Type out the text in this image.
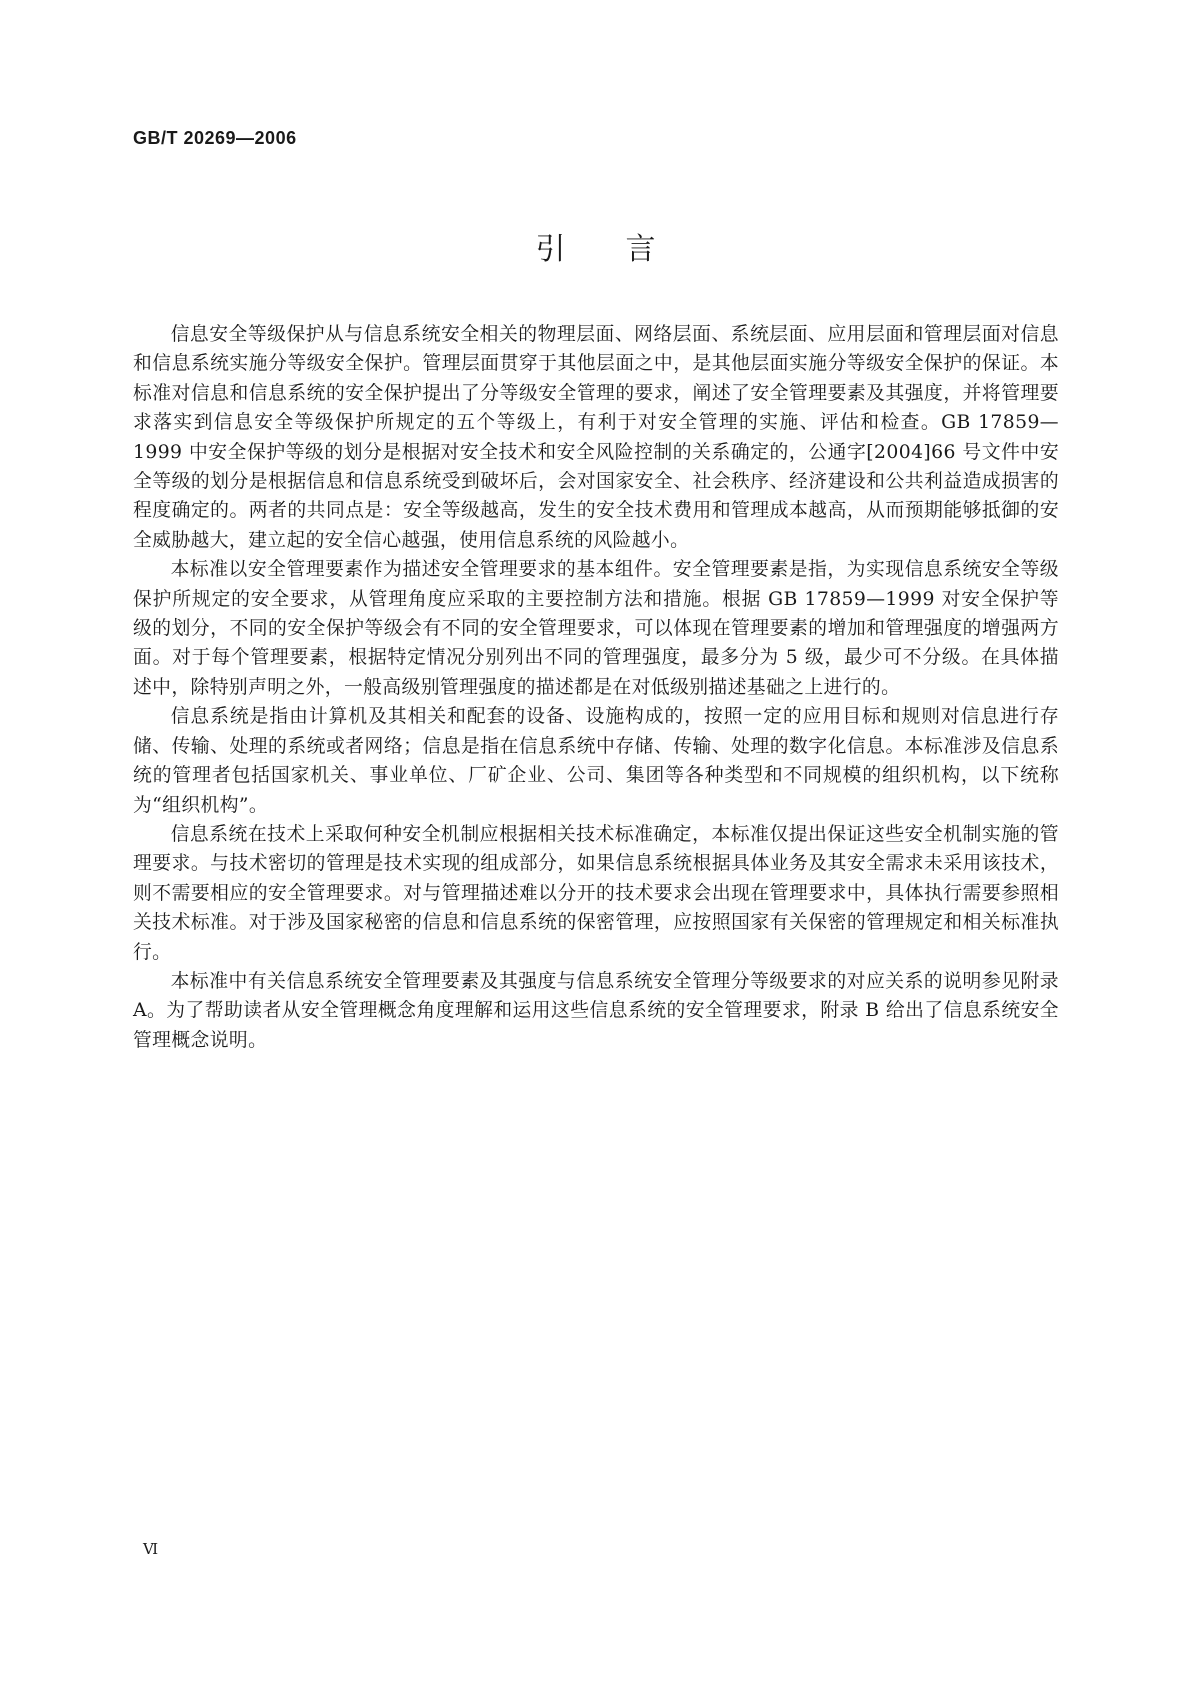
GB/T 20269—2006
引　　言

信息安全等级保护从与信息系统安全相关的物理层面、网络层面、系统层面、应用层面和管理层面对信息和信息系统实施分等级安全保护。管理层面贯穿于其他层面之中，是其他层面实施分等级安全保护的保证。本标准对信息和信息系统的安全保护提出了分等级安全管理的要求，阐述了安全管理要素及其强度，并将管理要求落实到信息安全等级保护所规定的五个等级上，有利于对安全管理的实施、评估和检查。GB 17859—1999 中安全保护等级的划分是根据对安全技术和安全风险控制的关系确定的，公通字[2004]66 号文件中安全等级的划分是根据信息和信息系统受到破坏后，会对国家安全、社会秩序、经济建设和公共利益造成损害的程度确定的。两者的共同点是：安全等级越高，发生的安全技术费用和管理成本越高，从而预期能够抵御的安全威胁越大，建立起的安全信心越强，使用信息系统的风险越小。

本标准以安全管理要素作为描述安全管理要求的基本组件。安全管理要素是指，为实现信息系统安全等级保护所规定的安全要求，从管理角度应采取的主要控制方法和措施。根据 GB 17859—1999 对安全保护等级的划分，不同的安全保护等级会有不同的安全管理要求，可以体现在管理要素的增加和管理强度的增强两方面。对于每个管理要素，根据特定情况分别列出不同的管理强度，最多分为 5 级，最少可不分级。在具体描述中，除特别声明之外，一般高级别管理强度的描述都是在对低级别描述基础之上进行的。

信息系统是指由计算机及其相关和配套的设备、设施构成的，按照一定的应用目标和规则对信息进行存储、传输、处理的系统或者网络；信息是指在信息系统中存储、传输、处理的数字化信息。本标准涉及信息系统的管理者包括国家机关、事业单位、厂矿企业、公司、集团等各种类型和不同规模的组织机构，以下统称为“组织机构”。

信息系统在技术上采取何种安全机制应根据相关技术标准确定，本标准仅提出保证这些安全机制实施的管理要求。与技术密切的管理是技术实现的组成部分，如果信息系统根据具体业务及其安全需求未采用该技术，则不需要相应的安全管理要求。对与管理描述难以分开的技术要求会出现在管理要求中，具体执行需要参照相关技术标准。对于涉及国家秘密的信息和信息系统的保密管理，应按照国家有关保密的管理规定和相关标准执行。

本标准中有关信息系统安全管理要素及其强度与信息系统安全管理分等级要求的对应关系的说明参见附录 A。为了帮助读者从安全管理概念角度理解和运用这些信息系统的安全管理要求，附录 B 给出了信息系统安全管理概念说明。

Ⅵ
